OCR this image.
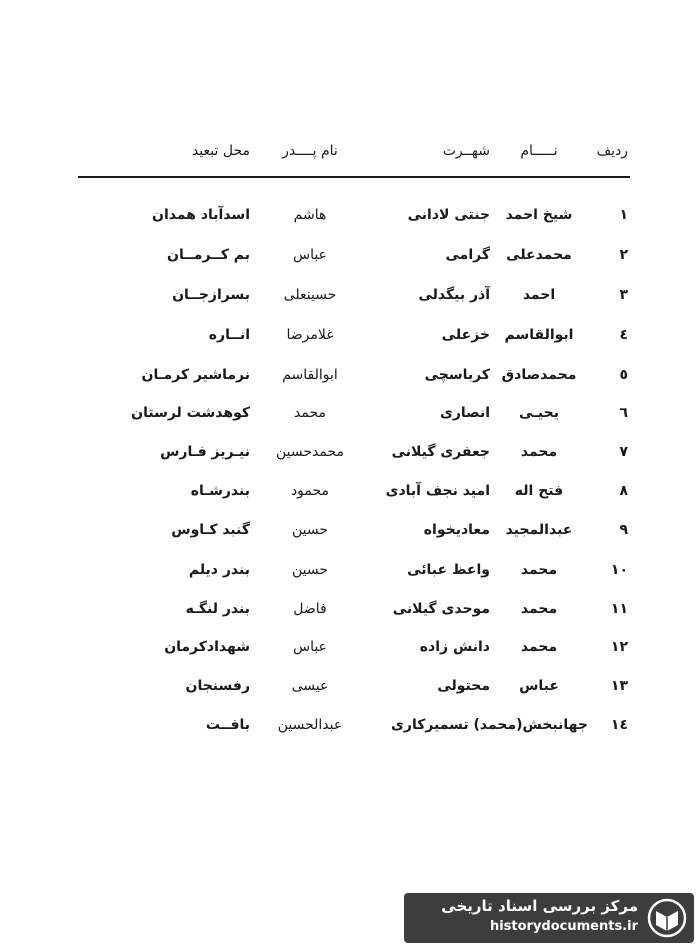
ردیف
نـــــام
شهــرت
نام پــــدر
محل تبعید
۱
شیخ احمد
جنتی لادانی
هاشم
اسدآباد همدان
۲
محمدعلی
گرامی
عباس
بم کــرمــان
۳
احمد
آذر بیگدلی
حسینعلی
بسرازجــان
٤
ابوالقاسم
خزعلی
غلامرضا
انــاره
٥
محمدصادق
کرباسچی
ابوالقاسم
نرماشیر کرمـان
٦
یحیـی
انصاری
محمد
کوهدشت لرستان
۷
محمد
جعفری گیلانی
محمدحسین
نیـریز فـارس
۸
فتح اله
امید نجف آبادی
محمود
بندرشـاه
۹
عبدالمجید
معادیخواه
حسین
گنبد کـاوس
۱۰
محمد
واعظ عبائی
حسین
بندر دیلم
۱۱
محمد
موحدی گیلانی
فاضل
بندر لنگـه
۱۲
محمد
دانش زاده
عباس
شهدادکرمان
۱۳
عباس
محتولی
عیسی
رفسنجان
۱٤
جهانبخش(محمد) تسمیرکاری
عبدالحسین
بافــت
مرکز بررسی اسناد تاریخی
historydocuments.ir
